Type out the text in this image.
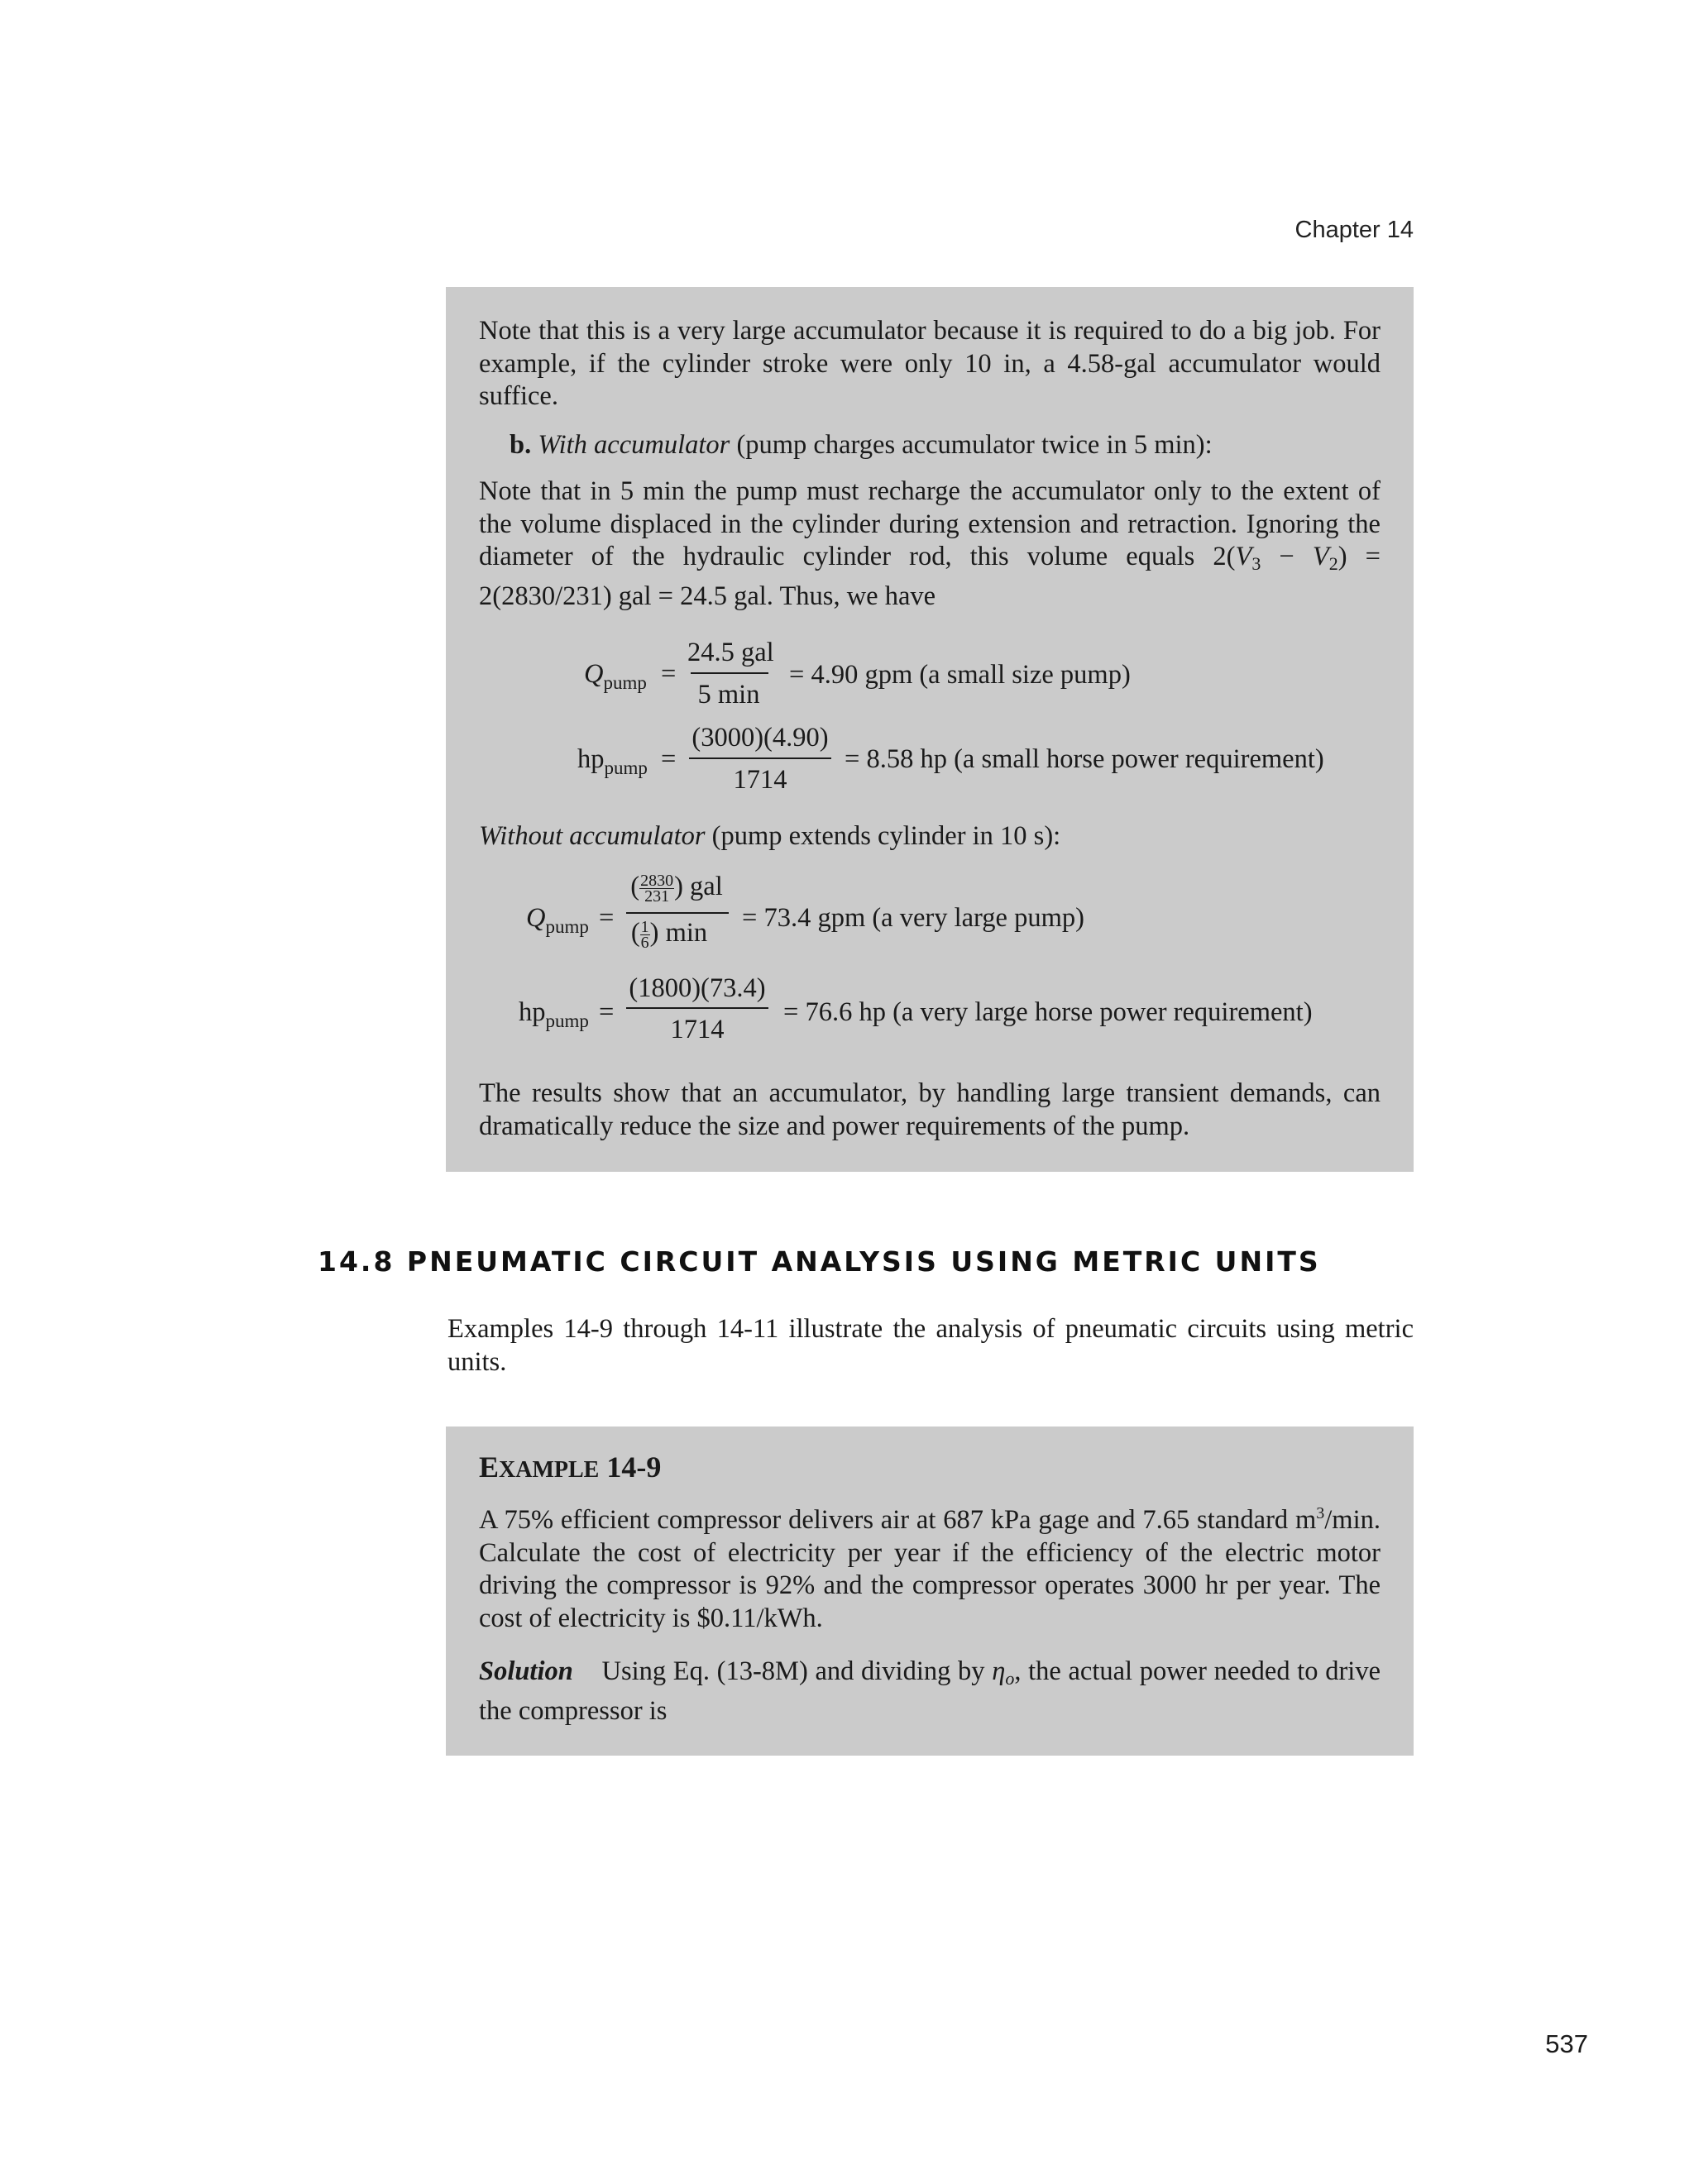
Chapter 14
Note that this is a very large accumulator because it is required to do a big job. For example, if the cylinder stroke were only 10 in, a 4.58-gal accumulator would suffice.
b. With accumulator (pump charges accumulator twice in 5 min):
Note that in 5 min the pump must recharge the accumulator only to the extent of the volume displaced in the cylinder during extension and retraction. Ignoring the diameter of the hydraulic cylinder rod, this volume equals $2(V_3 - V_2) = 2(2830/231)$ gal = 24.5 gal. Thus, we have
$Q_{pump}$ =
24.5 gal
5 min
= 4.90 gpm (a small size pump)
$hp_{pump}$ =
(3000)(4.90)
1714
= 8.58 hp (a small horse power requirement)
Without accumulator (pump extends cylinder in 10 s):
$Q_{pump}$ =
( $\frac{2830}{231}$ ) gal
( $\frac{1}{6}$ ) min	= 73.4 gpm (a very large pump)
$hp_{pump}$ =
(1800)(73.4)
1714
= 76.6 hp (a very large horse power requirement)
The results show that an accumulator, by handling large transient demands, can dramatically reduce the size and power requirements of the pump.
14.8 PNEUMATIC CIRCUIT ANALYSIS USING METRIC UNITS
Examples 14-9 through 14-11 illustrate the analysis of pneumatic circuits using metric units.
EXAMPLE 14-9
A 75% efficient compressor delivers air at 687 kPa gage and 7.65 standard $m^3/\min$. Calculate the cost of electricity per year if the efficiency of the electric motor driving the compressor is 92% and the compressor operates 3000 hr per year. The cost of electricity is $0.11/kWh.
Solution Using Eq. (13-8M) and dividing by $\eta_o$, the actual power needed to drive the compressor is
537
